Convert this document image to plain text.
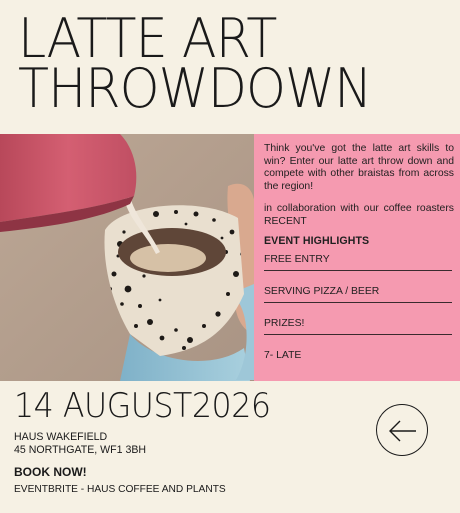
LATTE ART
THROWDOWN

Think you've got the latte art skills to win? Enter our latte art throw down and compete with other braistas from across the region!

in collaboration with our coffee roasters RECENT

EVENT HIGHLIGHTS
FREE ENTRY
SERVING PIZZA / BEER
PRIZES!
7- LATE
14 AUGUST2026
HAUS WAKEFIELD
45 NORTHGATE, WF1 3BH
BOOK NOW!
EVENTBRITE - HAUS COFFEE AND PLANTS
